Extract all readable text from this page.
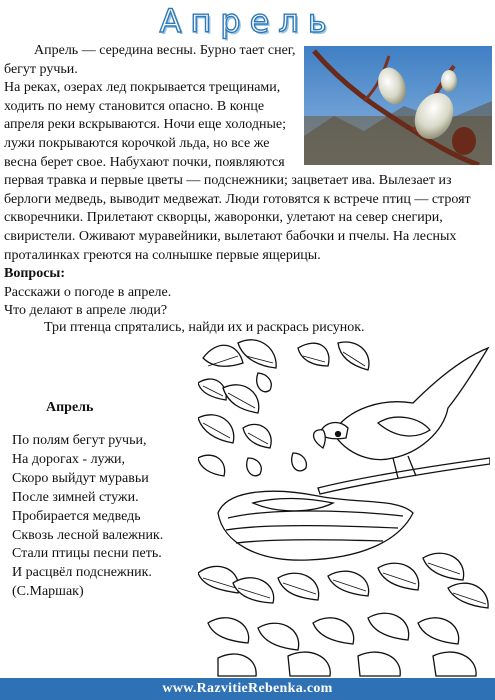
Апрель
Апрель — середина весны. Бурно тает снег, бегут ручьи.
На реках, озерах лед покрывается трещинами, ходить по нему становится опасно. В конце апреля реки вскрываются. Ночи еще холодные; лужи покрываются корочкой льда, но все же весна берет свое. Набухают почки, появляются первая травка и первые цветы — подснежники; зацветает ива. Вылезает из берлоги медведь, выводит медвежат. Люди готовятся к встрече птиц — строят скворечники. Прилетают скворцы, жаворонки, улетают на север снегири, свиристели. Оживают муравейники, вылетают бабочки и пчелы. На лесных проталинках греются на солнышке первые ящерицы.
Вопросы:
Расскажи о погоде в апреле.
Что делают в апреле люди?

Три птенца спрятались, найди их и раскрась рисунок.

Апрель
По полям бегут ручьи,
На дорогах - лужи,
Скоро выйдут муравьи
После зимней стужи.
Пробирается медведь
Сквозь лесной валежник.
Стали птицы песни петь.
И расцвёл подснежник.
(С.Маршак)
www.RazvitieRebenka.com
